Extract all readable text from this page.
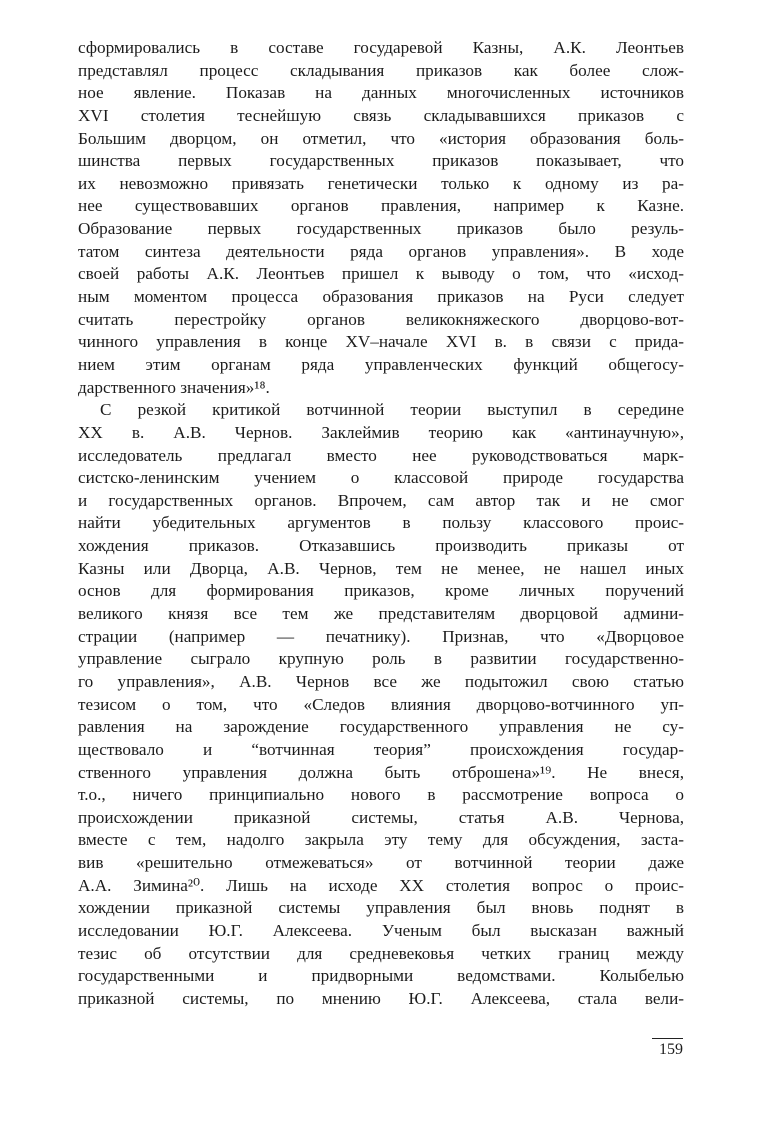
сформировались в составе государевой Казны, А.К. Леонтьев
представлял процесс складывания приказов как более слож-
ное явление. Показав на данных многочисленных источников
XVI столетия теснейшую связь складывавшихся приказов с
Большим дворцом, он отметил, что «история образования боль-
шинства первых государственных приказов показывает, что
их невозможно привязать генетически только к одному из ра-
нее существовавших органов правления, например к Казне.
Образование первых государственных приказов было резуль-
татом синтеза деятельности ряда органов управления». В ходе
своей работы А.К. Леонтьев пришел к выводу о том, что «исход-
ным моментом процесса образования приказов на Руси следует
считать перестройку органов великокняжеского дворцово-вот-
чинного управления в конце XV–начале XVI в. в связи с прида-
нием этим органам ряда управленческих функций общегосу-
дарственного значения»¹⁸.
С резкой критикой вотчинной теории выступил в середине
XX в. А.В. Чернов. Заклеймив теорию как «антинаучную»,
исследователь предлагал вместо нее руководствоваться марк-
систско-ленинским учением о классовой природе государства
и государственных органов. Впрочем, сам автор так и не смог
найти убедительных аргументов в пользу классового проис-
хождения приказов. Отказавшись производить приказы от
Казны или Дворца, А.В. Чернов, тем не менее, не нашел иных
основ для формирования приказов, кроме личных поручений
великого князя все тем же представителям дворцовой админи-
страции (например — печатнику). Признав, что «Дворцовое
управление сыграло крупную роль в развитии государственно-
го управления», А.В. Чернов все же подытожил свою статью
тезисом о том, что «Следов влияния дворцово-вотчинного уп-
равления на зарождение государственного управления не су-
ществовало и “вотчинная теория” происхождения государ-
ственного управления должна быть отброшена»¹⁹. Не внеся,
т.о., ничего принципиально нового в рассмотрение вопроса о
происхождении приказной системы, статья А.В. Чернова,
вместе с тем, надолго закрыла эту тему для обсуждения, заста-
вив «решительно отмежеваться» от вотчинной теории даже
А.А. Зимина²⁰. Лишь на исходе XX столетия вопрос о проис-
хождении приказной системы управления был вновь поднят в
исследовании Ю.Г. Алексеева. Ученым был высказан важный
тезис об отсутствии для средневековья четких границ между
государственными и придворными ведомствами. Колыбелью
приказной системы, по мнению Ю.Г. Алексеева, стала вели-
159
